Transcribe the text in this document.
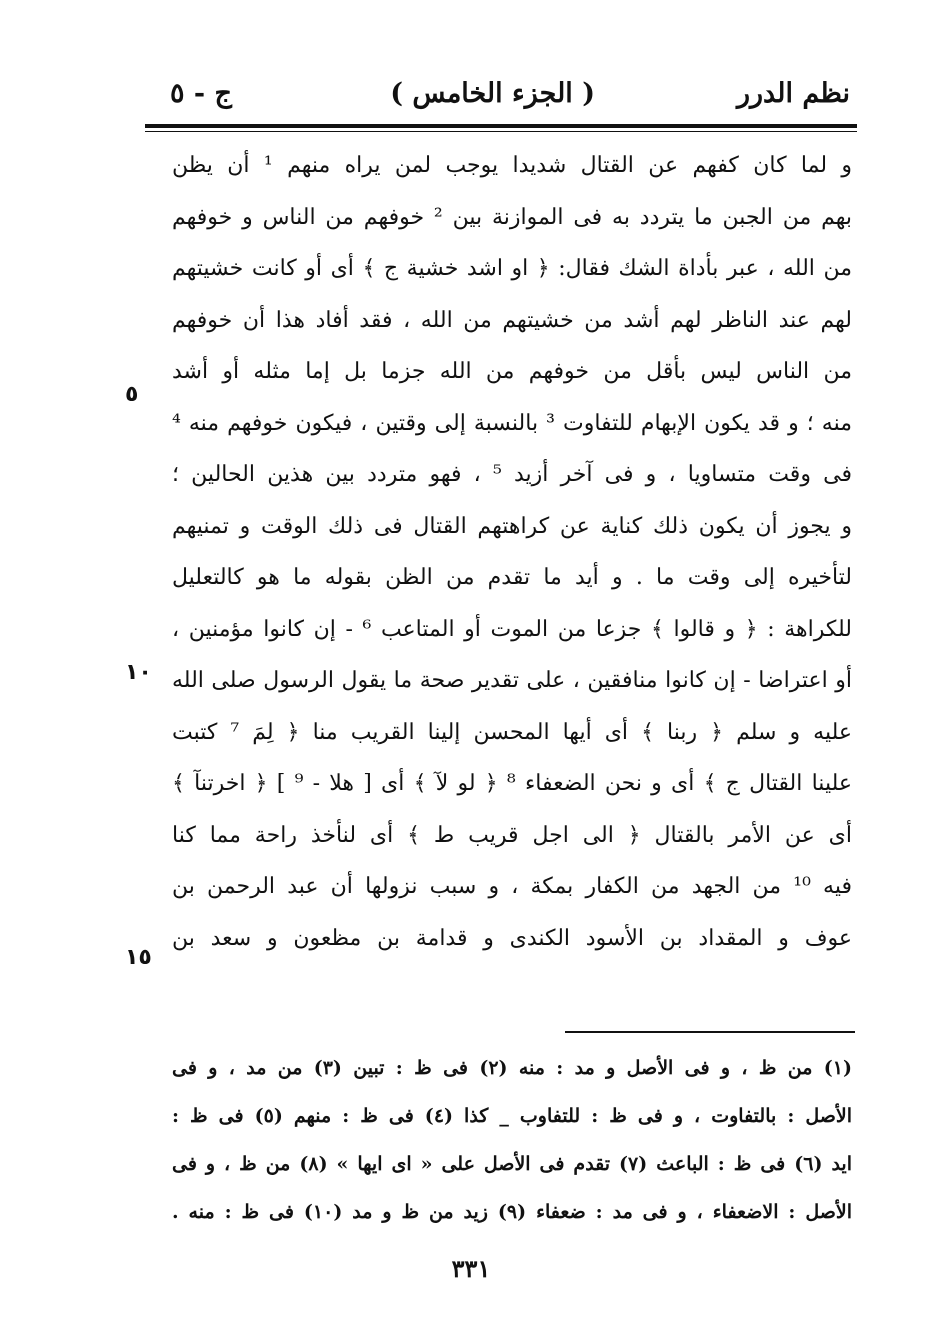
نظم الدرر
( الجزء الخامس )
ج - ٥
و لما كان كفهم عن القتال شديدا يوجب لمن يراه منهم ¹ أن يظن
بهم من الجبن ما يتردد به فى الموازنة بين ² خوفهم من الناس و خوفهم
من الله ، عبر بأداة الشك فقال: ﴿ او اشد خشية ج ﴾ أى أو كانت خشيتهم
لهم عند الناظر لهم أشد من خشيتهم من الله ، فقد أفاد هذا أن خوفهم
من الناس ليس بأقل من خوفهم من الله جزما بل إما مثله أو أشد
منه ؛ و قد يكون الإبهام للتفاوت ³ بالنسبة إلى وقتين ، فيكون خوفهم منه ⁴
فى وقت متساويا ، و فى آخر أزيد ⁵ ، فهو متردد بين هذين الحالين ؛
و يجوز أن يكون ذلك كناية عن كراهتهم القتال فى ذلك الوقت و تمنيهم
لتأخيره إلى وقت ما . و أيد ما تقدم من الظن بقوله ما هو كالتعليل
للكراهة : ﴿ و قالوا ﴾ جزعا من الموت أو المتاعب ⁶ - إن كانوا مؤمنين ،
أو اعتراضا - إن كانوا منافقين ، على تقدير صحة ما يقول الرسول صلى الله
عليه و سلم ﴿ ربنا ﴾ أى أيها المحسن إلينا القريب منا ﴿ لِمَ ⁷ كتبت
علينا القتال ج ﴾ أى و نحن الضعفاء ⁸ ﴿ لو لآ ﴾ أى [ هلا - ⁹ ] ﴿ اخرتنآ ﴾
أى عن الأمر بالقتال ﴿ الى اجل قريب ط ﴾ أى لنأخذ راحة مما كنا
فيه ¹⁰ من الجهد من الكفار بمكة ، و سبب نزولها أن عبد الرحمن بن
عوف و المقداد بن الأسود الكندى و قدامة بن مظعون و سعد بن
٥
١٠
١٥
(١) من ظ ، و فى الأصل و مد : منه (٢) فى ظ : تبين (٣) من مد ، و فى
الأصل : بالتفاوت ، و فى ظ : للتفاوب _ كذا (٤) فى ظ : منهم (٥) فى ظ :
ايد (٦) فى ظ : الباعث (٧) تقدم فى الأصل على « اى ايها » (٨) من ظ ، و فى
الأصل : الاضعفاء ، و فى مد : ضعفاء (٩) زيد من ظ و مد (١٠) فى ظ : منه .
٣٣١
